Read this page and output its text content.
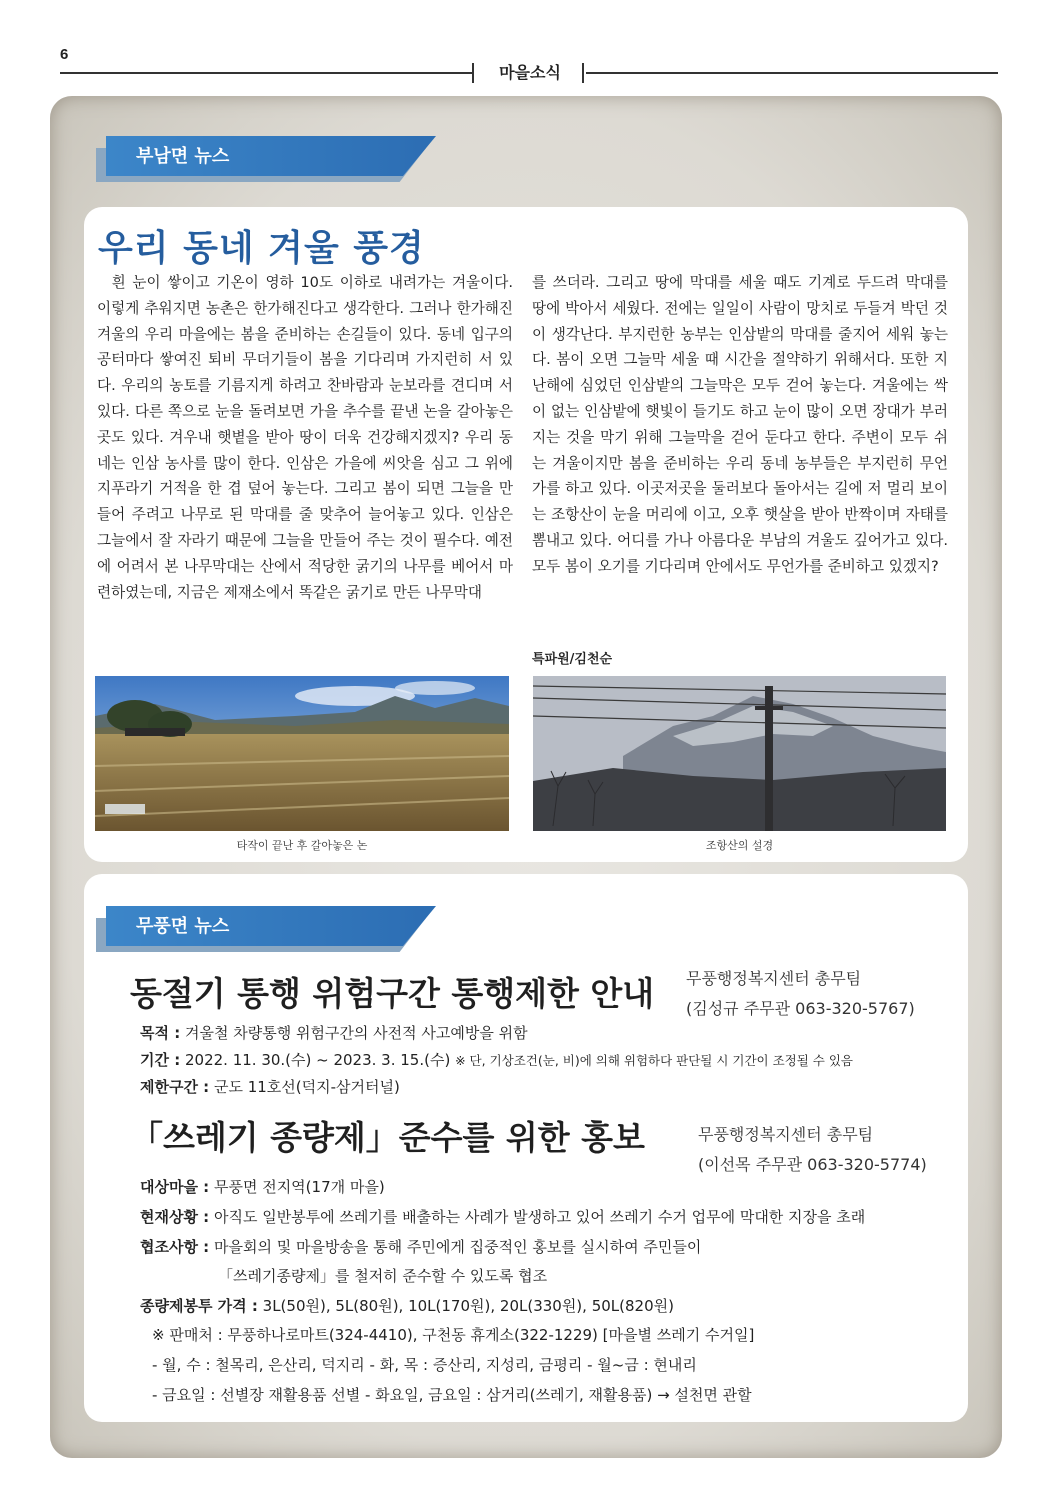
6
마을소식
부남면 뉴스
우리 동네 겨울 풍경
흰 눈이 쌓이고 기온이 영하 10도 이하로 내려가는 겨울이다. 이렇게 추워지면 농촌은 한가해진다고 생각한다. 그러나 한가해진 겨울의 우리 마을에는 봄을 준비하는 손길들이 있다. 동네 입구의 공터마다 쌓여진 퇴비 무더기들이 봄을 기다리며 가지런히 서 있다. 우리의 농토를 기름지게 하려고 찬바람과 눈보라를 견디며 서 있다. 다른 쪽으로 눈을 돌려보면 가을 추수를 끝낸 논을 갈아놓은 곳도 있다. 겨우내 햇볕을 받아 땅이 더욱 건강해지겠지? 우리 동네는 인삼 농사를 많이 한다. 인삼은 가을에 씨앗을 심고 그 위에 지푸라기 거적을 한 겹 덮어 놓는다. 그리고 봄이 되면 그늘을 만들어 주려고 나무로 된 막대를 줄 맞추어 늘어놓고 있다. 인삼은 그늘에서 잘 자라기 때문에 그늘을 만들어 주는 것이 필수다. 예전에 어려서 본 나무막대는 산에서 적당한 굵기의 나무를 베어서 마련하였는데, 지금은 제재소에서 똑같은 굵기로 만든 나무막대
를 쓰더라. 그리고 땅에 막대를 세울 때도 기계로 두드려 막대를 땅에 박아서 세웠다. 전에는 일일이 사람이 망치로 두들겨 박던 것이 생각난다. 부지런한 농부는 인삼밭의 막대를 줄지어 세워 놓는다. 봄이 오면 그늘막 세울 때 시간을 절약하기 위해서다. 또한 지난해에 심었던 인삼밭의 그늘막은 모두 걷어 놓는다. 겨울에는 싹이 없는 인삼밭에 햇빛이 들기도 하고 눈이 많이 오면 장대가 부러지는 것을 막기 위해 그늘막을 걷어 둔다고 한다. 주변이 모두 쉬는 겨울이지만 봄을 준비하는 우리 동네 농부들은 부지런히 무언가를 하고 있다. 이곳저곳을 둘러보다 돌아서는 길에 저 멀리 보이는 조항산이 눈을 머리에 이고, 오후 햇살을 받아 반짝이며 자태를 뽐내고 있다. 어디를 가나 아름다운 부남의 겨울도 깊어가고 있다. 모두 봄이 오기를 기다리며 안에서도 무언가를 준비하고 있겠지?
특파원/김천순
타작이 끝난 후 갈아놓은 논	조항산의 설경
무풍면 뉴스
동절기 통행 위험구간 통행제한 안내 무풍행정복지센터 총무팀
(김성규 주무관 063-320-5767)
목적 : 겨울철 차량통행 위험구간의 사전적 사고예방을 위함
기간 : 2022. 11. 30.(수) ~ 2023. 3. 15.(수) ※ 단, 기상조건(눈, 비)에 의해 위험하다 판단될 시 기간이 조정될 수 있음
제한구간 : 군도 11호선(덕지-삼거터널)
「쓰레기 종량제」준수를 위한 홍보	무풍행정복지센터 총무팀
(이선목 주무관 063-320-5774)
대상마을 : 무풍면 전지역(17개 마을)
현재상황 : 아직도 일반봉투에 쓰레기를 배출하는 사례가 발생하고 있어 쓰레기 수거 업무에 막대한 지장을 초래
협조사항 : 마을회의 및 마을방송을 통해 주민에게 집중적인 홍보를 실시하여 주민들이
「쓰레기종량제」를 철저히 준수할 수 있도록 협조
종량제봉투 가격 : 3L(50원), 5L(80원), 10L(170원), 20L(330원), 50L(820원)
※ 판매처 : 무풍하나로마트(324-4410), 구천동 휴게소(322-1229) [마을별 쓰레기 수거일]
- 월, 수 : 철목리, 은산리, 덕지리 - 화, 목 : 증산리, 지성리, 금평리 - 월~금 : 현내리
- 금요일 : 선별장 재활용품 선별 - 화요일, 금요일 : 삼거리(쓰레기, 재활용품) → 설천면 관할
